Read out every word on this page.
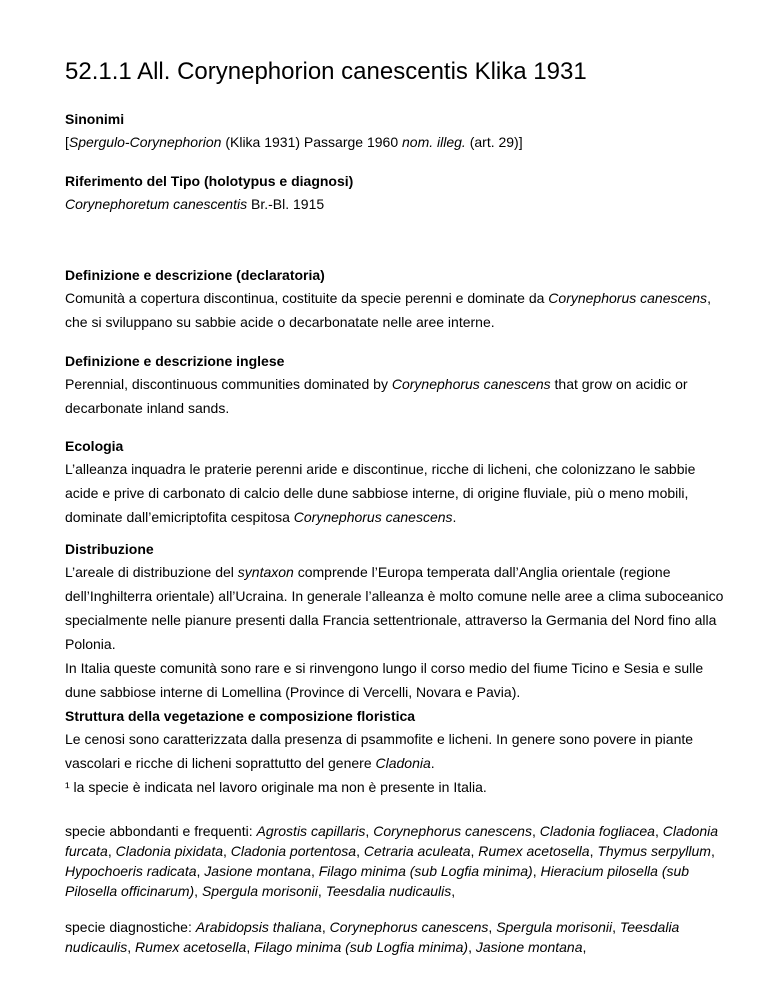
52.1.1 All. Corynephorion canescentis Klika 1931

Sinonimi

[Spergulo-Corynephorion (Klika 1931) Passarge 1960 nom. illeg. (art. 29)]

Riferimento del Tipo (holotypus e diagnosi)

Corynephoretum canescentis Br.-Bl. 1915

Definizione e descrizione (declaratoria)

Comunità a copertura discontinua, costituite da specie perenni e dominate da Corynephorus canescens, che si sviluppano su sabbie acide o decarbonatate nelle aree interne.

Definizione e descrizione inglese

Perennial, discontinuous communities dominated by Corynephorus canescens that grow on acidic or decarbonate inland sands.

Ecologia

L’alleanza inquadra le praterie perenni aride e discontinue, ricche di licheni, che colonizzano le sabbie acide e prive di carbonato di calcio delle dune sabbiose interne, di origine fluviale, più o meno mobili, dominate dall’emicriptofita cespitosa Corynephorus canescens.

Distribuzione

L’areale di distribuzione del syntaxon comprende l’Europa temperata dall’Anglia orientale (regione dell’Inghilterra orientale) all’Ucraina. In generale l’alleanza è molto comune nelle aree a clima suboceanico specialmente nelle pianure presenti dalla Francia settentrionale, attraverso la Germania del Nord fino alla Polonia.

In Italia queste comunità sono rare e si rinvengono lungo il corso medio del fiume Ticino e Sesia e sulle dune sabbiose interne di Lomellina (Province di Vercelli, Novara e Pavia).

Struttura della vegetazione e composizione floristica

Le cenosi sono caratterizzata dalla presenza di psammofite e licheni. In genere sono povere in piante vascolari e ricche di licheni soprattutto del genere Cladonia.

¹ la specie è indicata nel lavoro originale ma non è presente in Italia.

specie abbondanti e frequenti: Agrostis capillaris, Corynephorus canescens, Cladonia fogliacea, Cladonia furcata, Cladonia pixidata, Cladonia portentosa, Cetraria aculeata, Rumex acetosella, Thymus serpyllum, Hypochoeris radicata, Jasione montana, Filago minima (sub Logfia minima), Hieracium pilosella (sub Pilosella officinarum), Spergula morisonii, Teesdalia nudicaulis,

specie diagnostiche: Arabidopsis thaliana, Corynephorus canescens, Spergula morisonii, Teesdalia nudicaulis, Rumex acetosella, Filago minima (sub Logfia minima), Jasione montana,
